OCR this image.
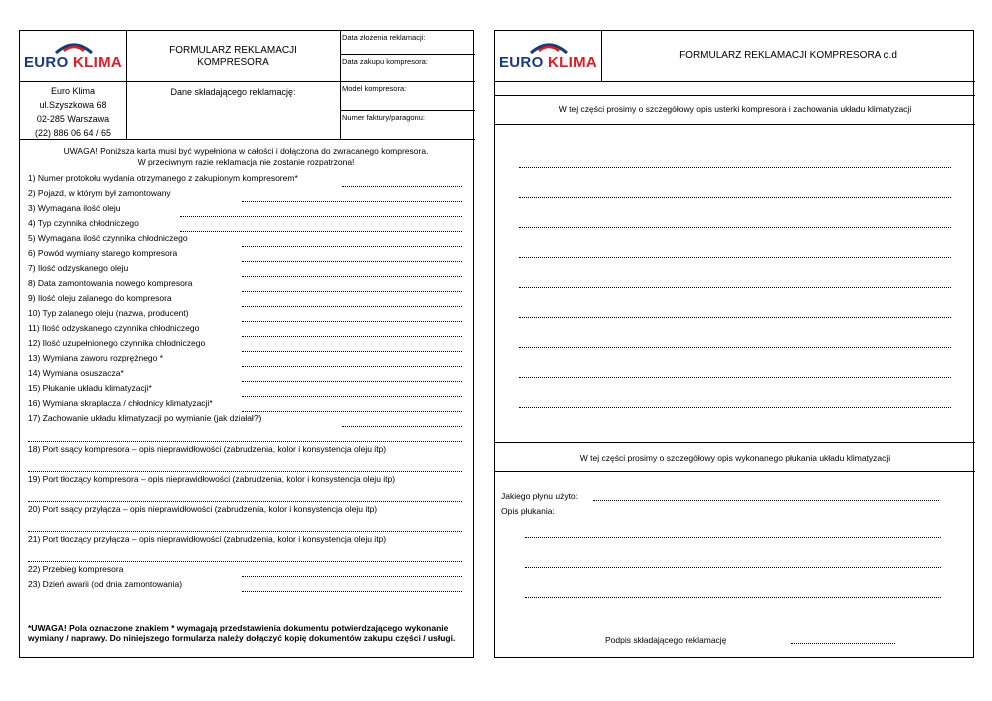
EURO KLIMA
FORMULARZ REKLAMACJI
KOMPRESORA
Data złożenia reklamacji:
Data zakupu kompresora:
Model kompresora:
Numer faktury/paragonu:
Euro Klima
ul.Szyszkowa 68
02-285 Warszawa
(22) 886 06 64 / 65
Dane składającego reklamację:
UWAGA! Poniższa karta musi być wypełniona w całości i dołączona do zwracanego kompresora.
W przeciwnym razie reklamacja nie zostanie rozpatrzona!
1) Numer protokołu wydania otrzymanego z zakupionym kompresorem*
2) Pojazd, w którym był zamontowany
3) Wymagana ilość oleju
4) Typ czynnika chłodniczego
5) Wymagana ilość czynnika chłodniczego
6) Powód wymiany starego kompresora
7) Ilość odzyskanego oleju
8) Data zamontowania nowego kompresora
9) Ilość oleju zalanego do kompresora
10) Typ zalanego oleju (nazwa, producent)
11) Ilość odzyskanego czynnika chłodniczego
12) Ilość uzupełnionego czynnika chłodniczego
13) Wymiana zaworu rozprężnego *
14) Wymiana osuszacza*
15) Płukanie układu klimatyzacji*
16) Wymiana skraplacza / chłodnicy klimatyzacji*
17) Zachowanie układu klimatyzacji po wymianie (jak działał?)
18) Port ssący kompresora – opis nieprawidłowości (zabrudzenia, kolor i konsystencja oleju itp)
19) Port tłoczący kompresora – opis nieprawidłowości (zabrudzenia, kolor i konsystencja oleju itp)
20) Port ssący przyłącza – opis nieprawidłowości (zabrudzenia, kolor i konsystencja oleju itp)
21) Port tłoczący przyłącza – opis nieprawidłowości (zabrudzenia, kolor i konsystencja oleju itp)
22) Przebieg kompresora
23) Dzień awarii (od dnia zamontowania)
*UWAGA! Pola oznaczone znakiem * wymagają przedstawienia dokumentu potwierdzającego wykonanie wymiany / naprawy. Do niniejszego formularza należy dołączyć kopię dokumentów zakupu części / usługi.
EURO KLIMA	FORMULARZ REKLAMACJI KOMPRESORA c.d
W tej części prosimy o szczegółowy opis usterki kompresora i zachowania układu klimatyzacji
W tej części prosimy o szczegółowy opis wykonanego płukania układu klimatyzacji
Jakiego płynu użyto:
Opis płukania:
Podpis składającego reklamację
